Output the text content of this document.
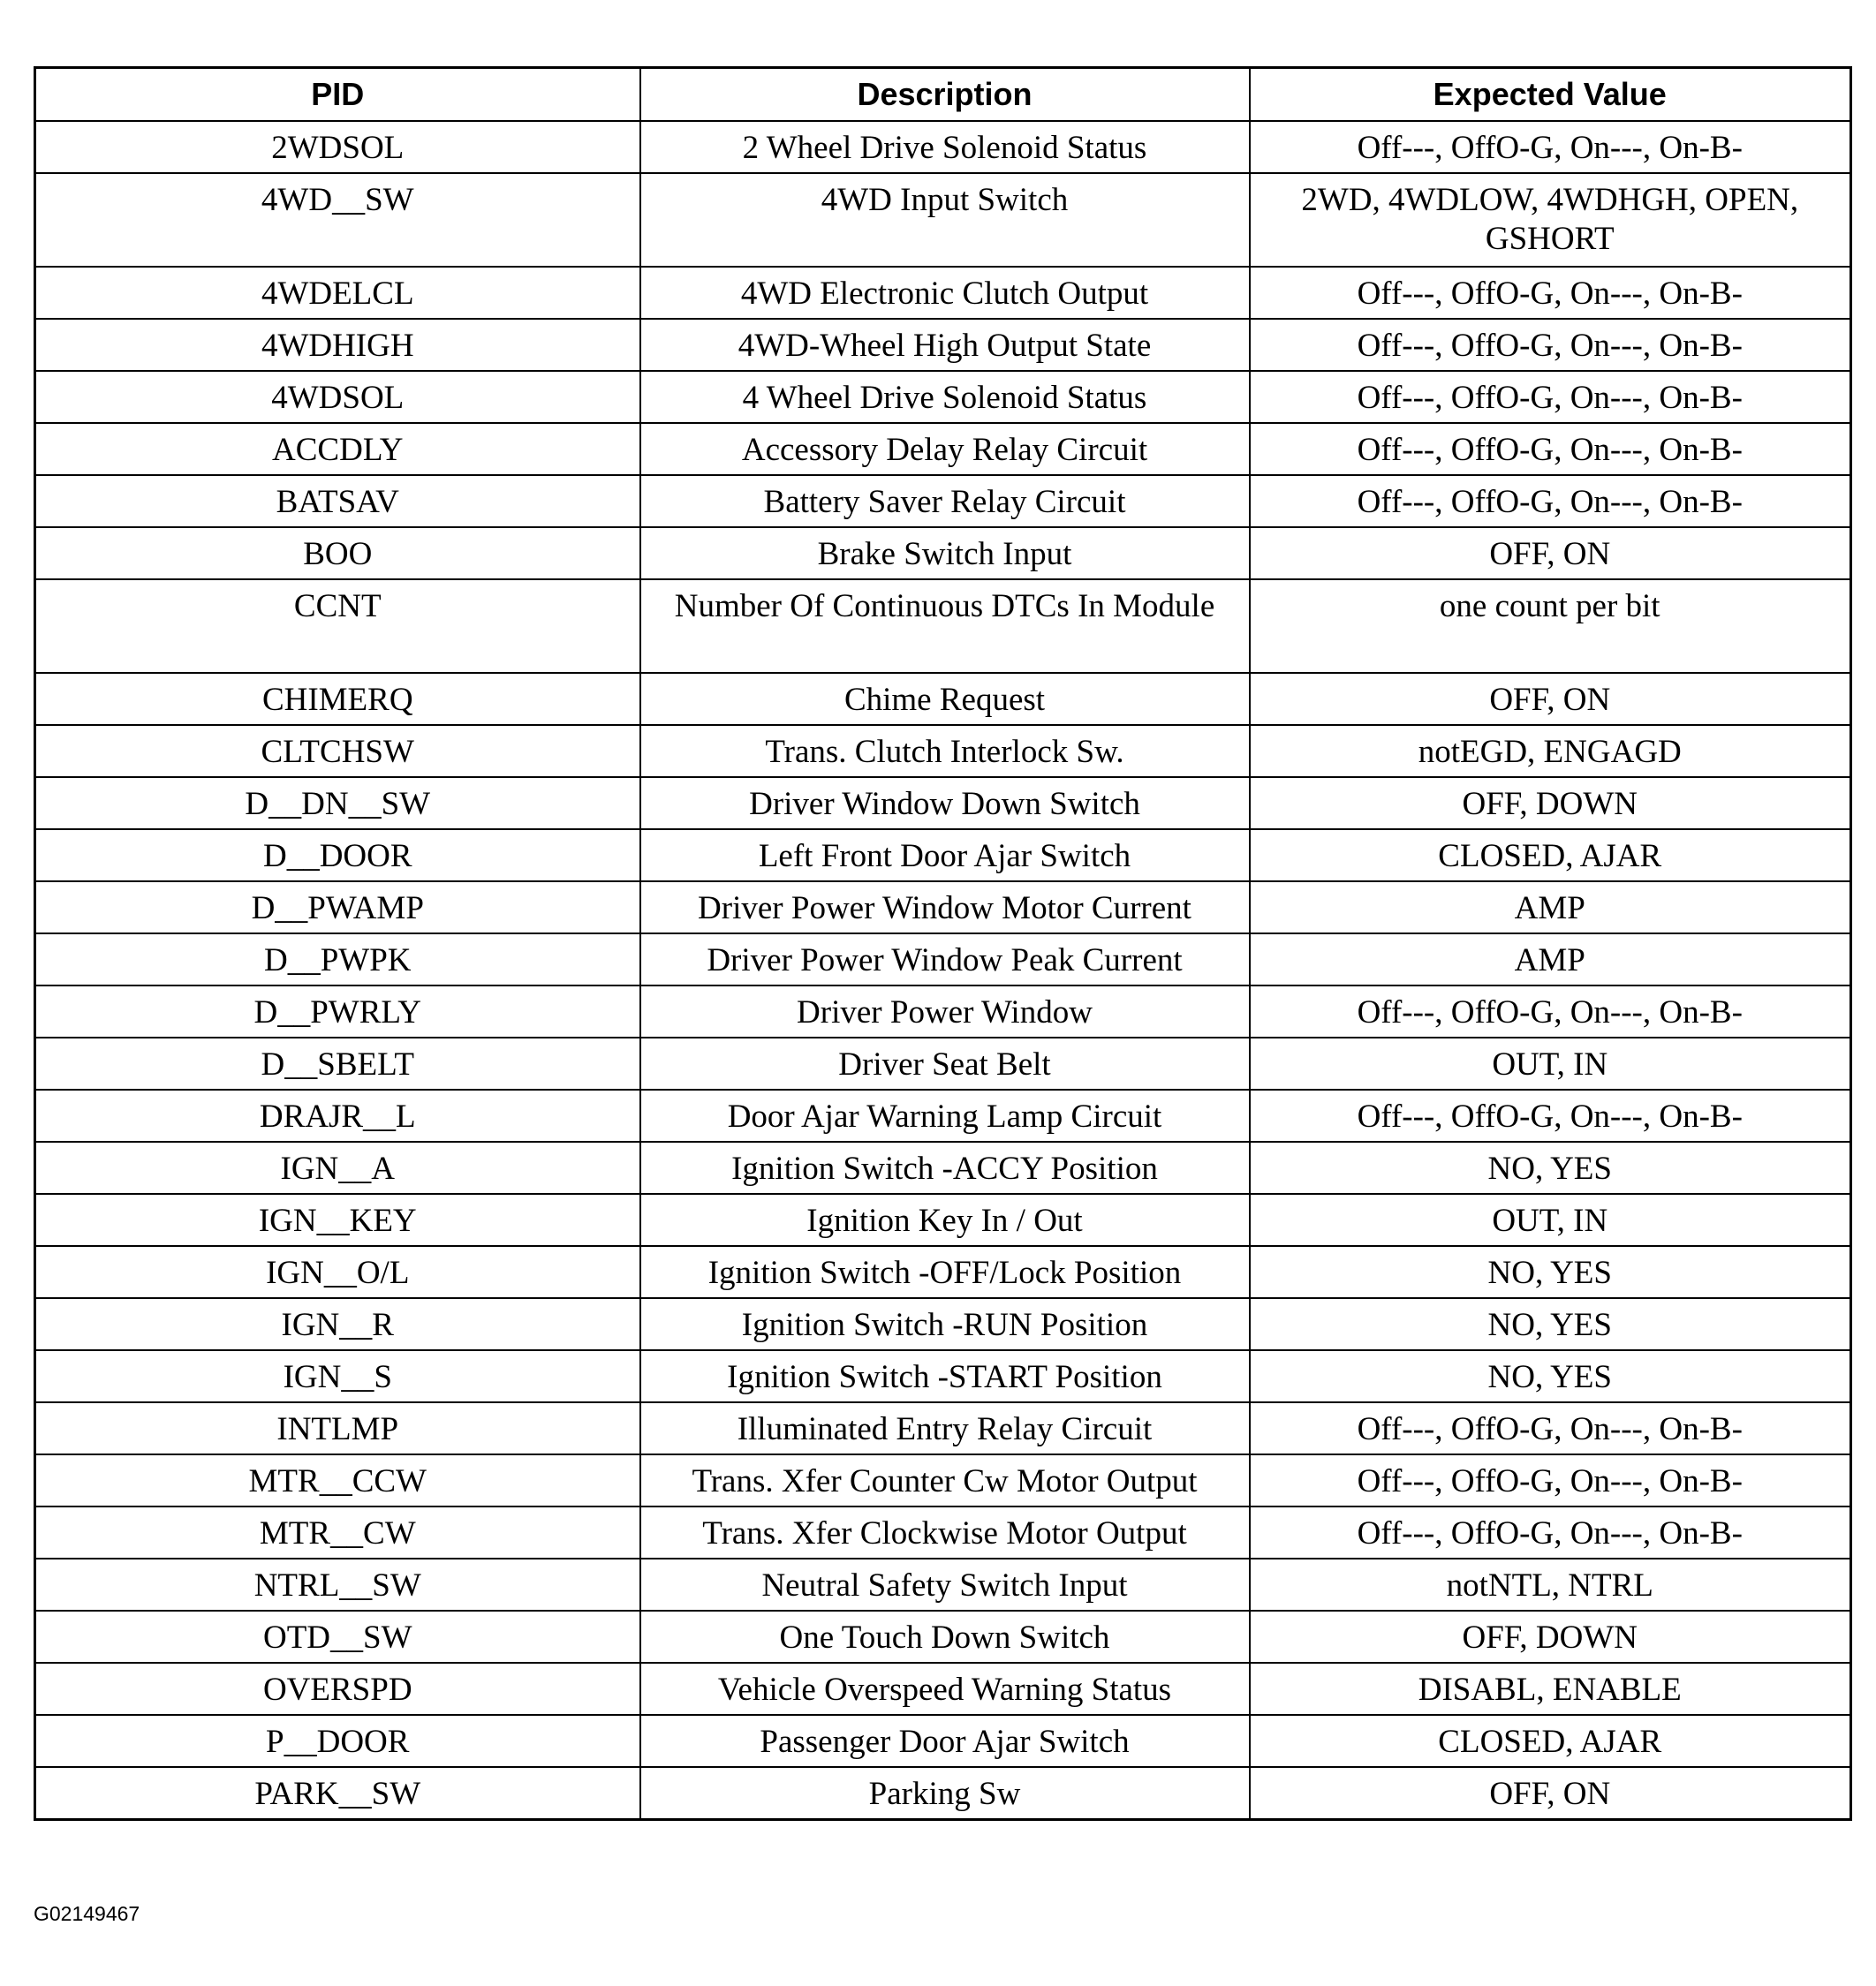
PID	Description	Expected Value
2WDSOL	2 Wheel Drive Solenoid Status	Off---, OffO-G, On---, On-B-
4WD__SW	4WD Input Switch	2WD, 4WDLOW, 4WDHGH, OPEN, GSHORT
4WDELCL	4WD Electronic Clutch Output	Off---, OffO-G, On---, On-B-
4WDHIGH	4WD-Wheel High Output State	Off---, OffO-G, On---, On-B-
4WDSOL	4 Wheel Drive Solenoid Status	Off---, OffO-G, On---, On-B-
ACCDLY	Accessory Delay Relay Circuit	Off---, OffO-G, On---, On-B-
BATSAV	Battery Saver Relay Circuit	Off---, OffO-G, On---, On-B-
BOO	Brake Switch Input	OFF, ON
CCNT	Number Of Continuous DTCs In Module	one count per bit
CHIMERQ	Chime Request	OFF, ON
CLTCHSW	Trans. Clutch Interlock Sw.	notEGD, ENGAGD
D__DN__SW	Driver Window Down Switch	OFF, DOWN
D__DOOR	Left Front Door Ajar Switch	CLOSED, AJAR
D__PWAMP	Driver Power Window Motor Current	AMP
D__PWPK	Driver Power Window Peak Current	AMP
D__PWRLY	Driver Power Window	Off---, OffO-G, On---, On-B-
D__SBELT	Driver Seat Belt	OUT, IN
DRAJR__L	Door Ajar Warning Lamp Circuit	Off---, OffO-G, On---, On-B-
IGN__A	Ignition Switch -ACCY Position	NO, YES
IGN__KEY	Ignition Key In / Out	OUT, IN
IGN__O/L	Ignition Switch -OFF/Lock Position	NO, YES
IGN__R	Ignition Switch -RUN Position	NO, YES
IGN__S	Ignition Switch -START Position	NO, YES
INTLMP	Illuminated Entry Relay Circuit	Off---, OffO-G, On---, On-B-
MTR__CCW	Trans. Xfer Counter Cw Motor Output	Off---, OffO-G, On---, On-B-
MTR__CW	Trans. Xfer Clockwise Motor Output	Off---, OffO-G, On---, On-B-
NTRL__SW	Neutral Safety Switch Input	notNTL, NTRL
OTD__SW	One Touch Down Switch	OFF, DOWN
OVERSPD	Vehicle Overspeed Warning Status	DISABL, ENABLE
P__DOOR	Passenger Door Ajar Switch	CLOSED, AJAR
PARK__SW	Parking Sw	OFF, ON
G02149467
